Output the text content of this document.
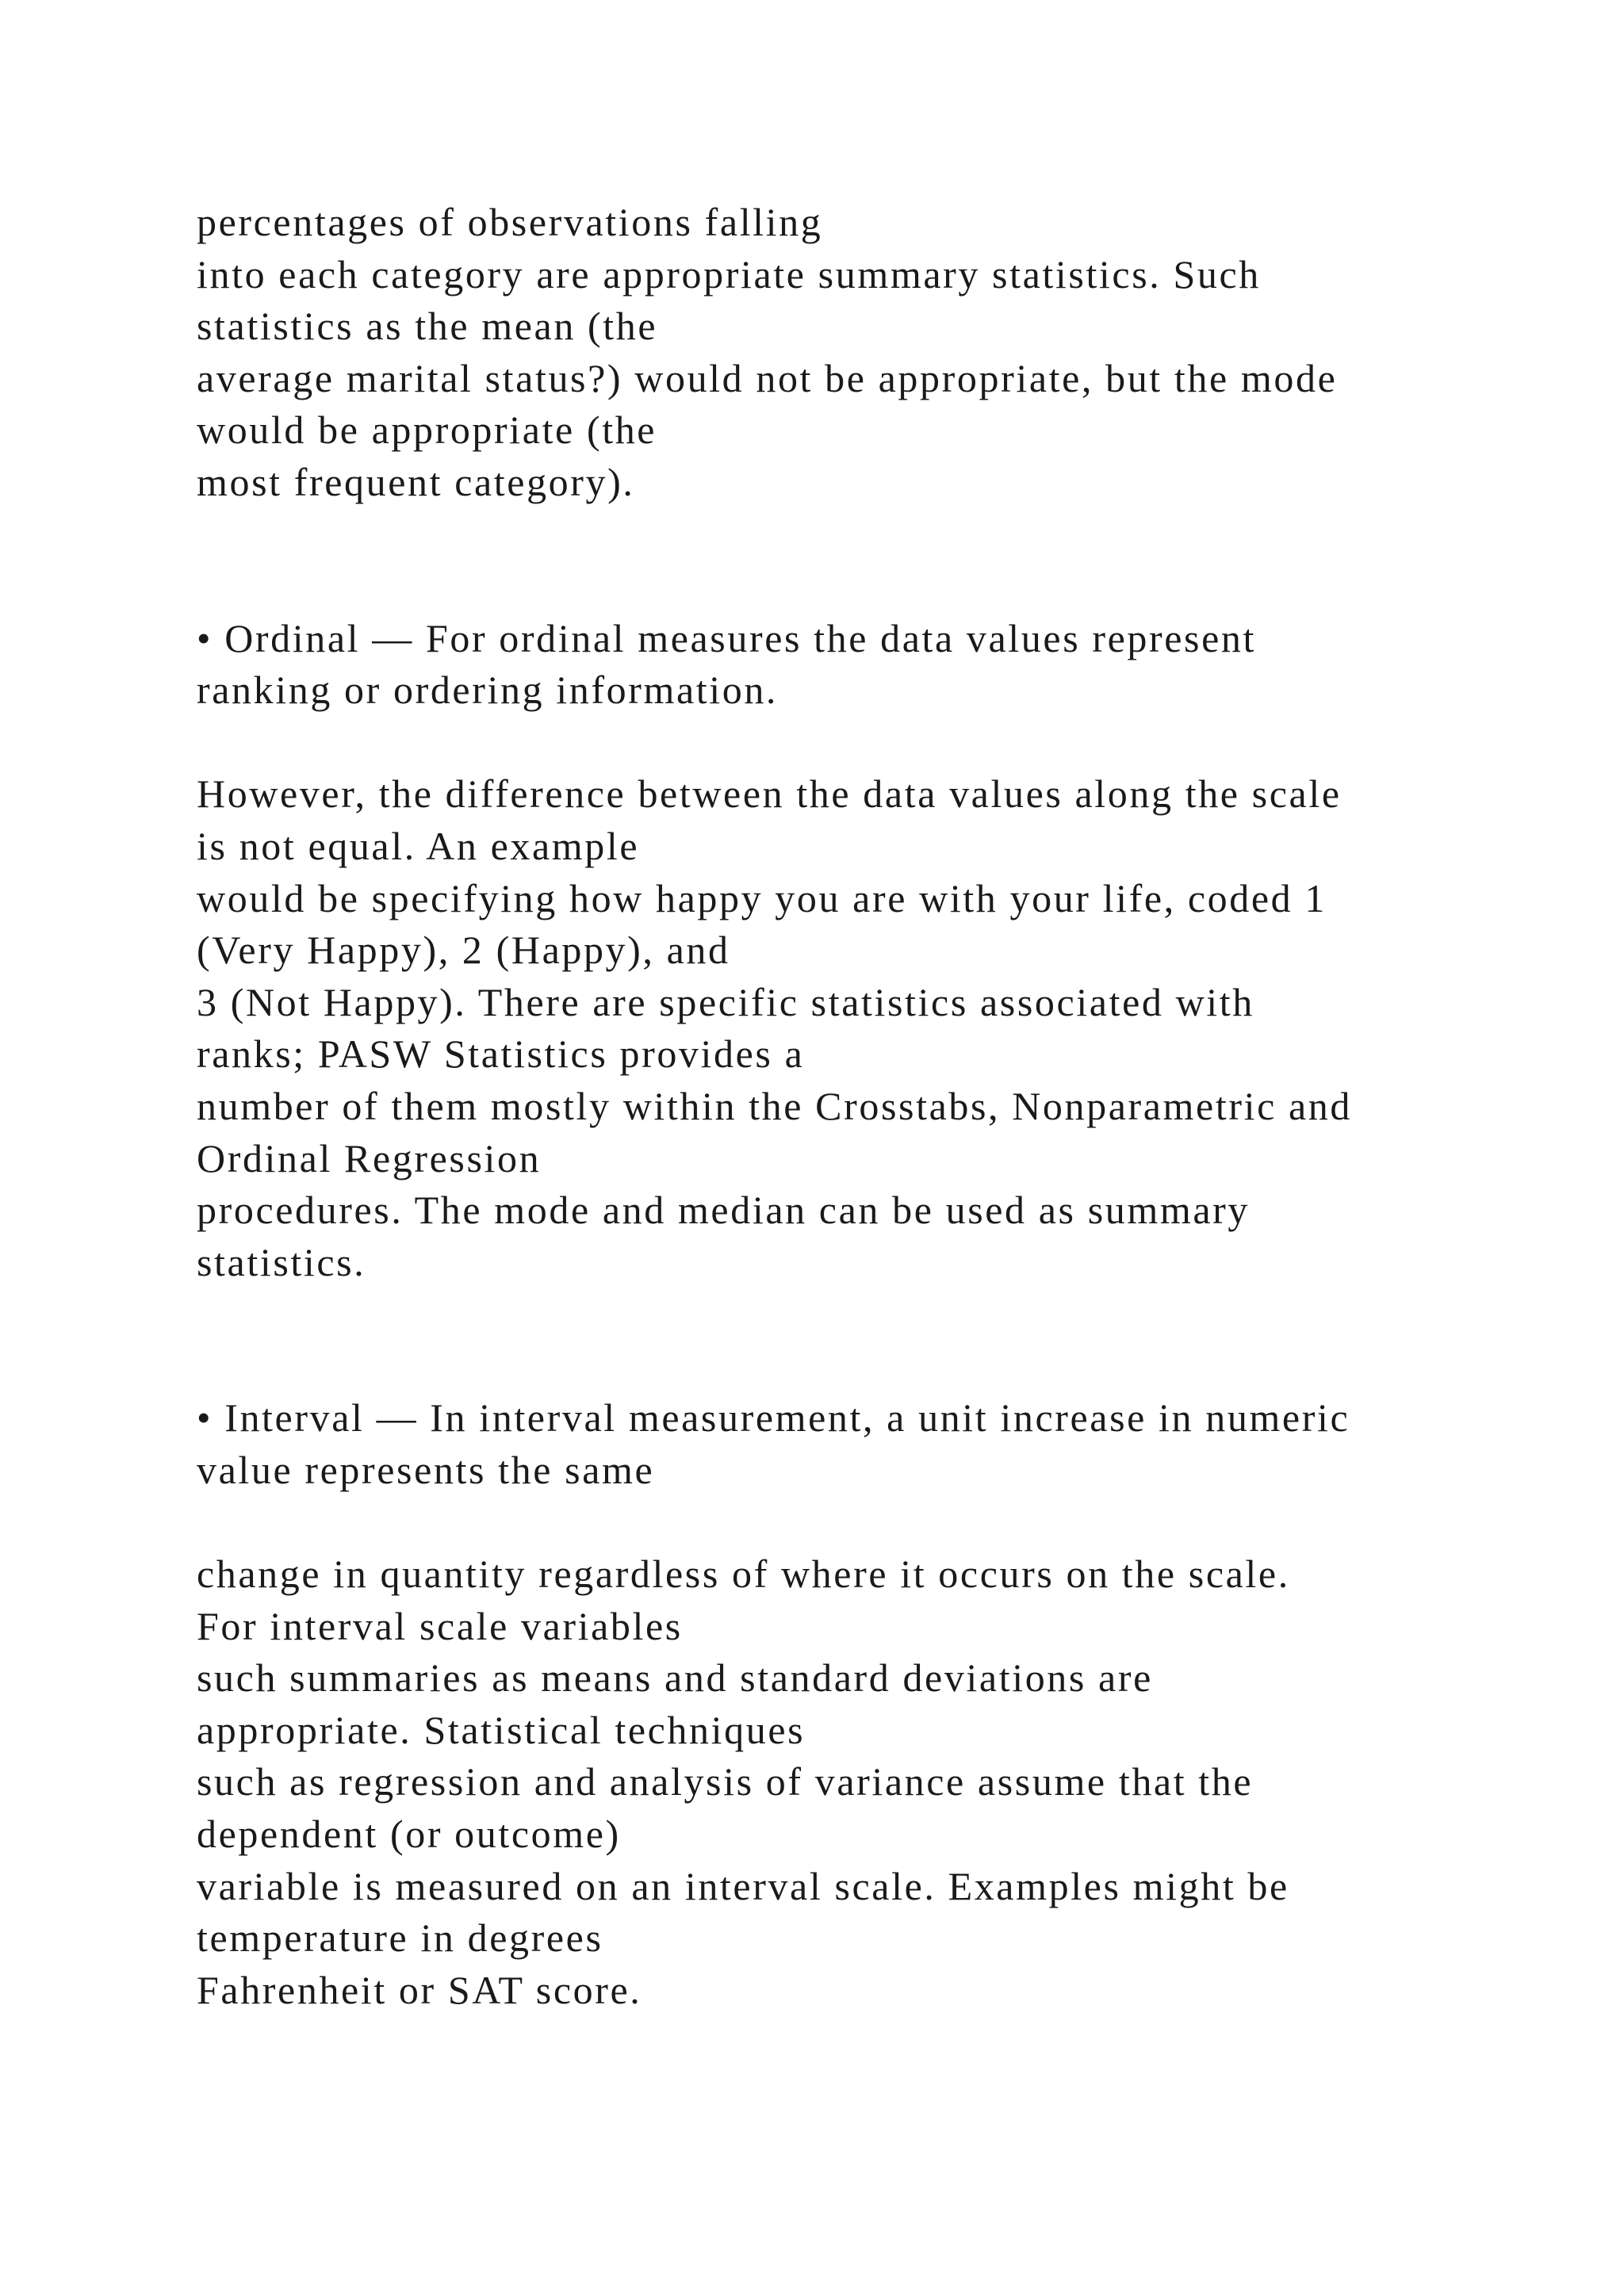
percentages of observations falling
into each category are appropriate summary statistics. Such
statistics as the mean (the
average marital status?) would not be appropriate, but the mode
would be appropriate (the
most frequent category).
• Ordinal — For ordinal measures the data values represent
ranking or ordering information.
However, the difference between the data values along the scale
is not equal. An example
would be specifying how happy you are with your life, coded 1
(Very Happy), 2 (Happy), and
3 (Not Happy). There are specific statistics associated with
ranks; PASW Statistics provides a
number of them mostly within the Crosstabs, Nonparametric and
Ordinal Regression
procedures. The mode and median can be used as summary
statistics.
• Interval — In interval measurement, a unit increase in numeric
value represents the same
change in quantity regardless of where it occurs on the scale.
For interval scale variables
such summaries as means and standard deviations are
appropriate. Statistical techniques
such as regression and analysis of variance assume that the
dependent (or outcome)
variable is measured on an interval scale. Examples might be
temperature in degrees
Fahrenheit or SAT score.
